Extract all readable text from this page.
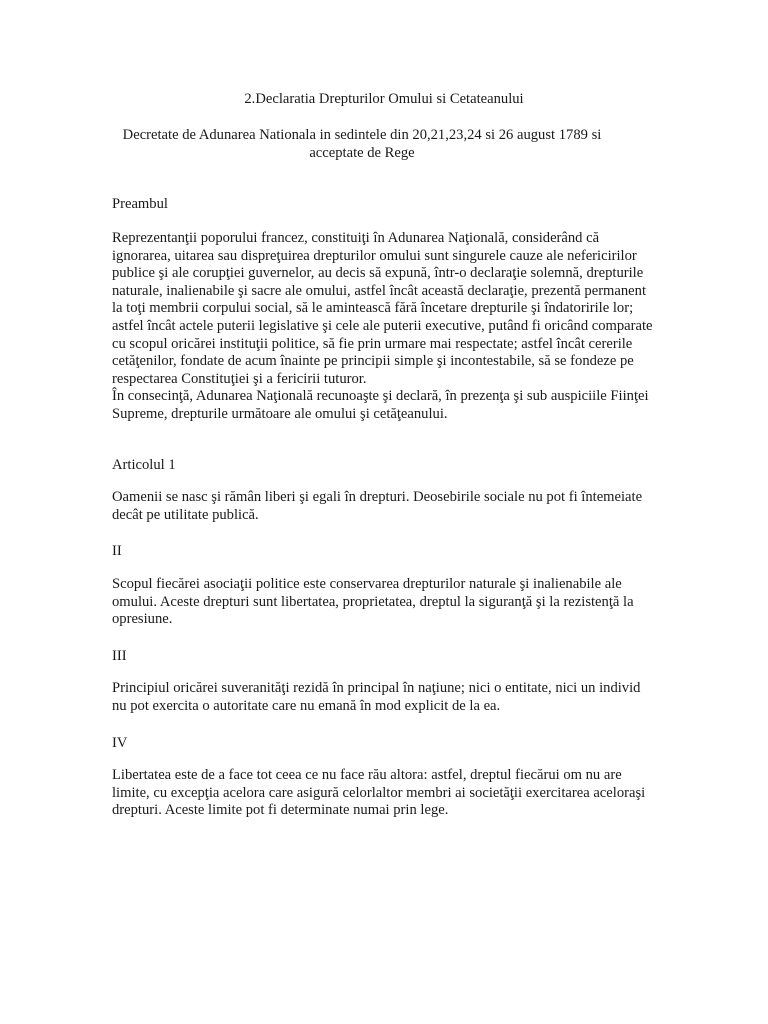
2.Declaratia Drepturilor Omului si Cetateanului
Decretate de Adunarea Nationala in sedintele din 20,21,23,24 si 26 august 1789 si
acceptate de Rege
Preambul

Reprezentanţii poporului francez, constituiţi în Adunarea Naţională, considerând că ignorarea, uitarea sau dispreţuirea drepturilor omului sunt singurele cauze ale nefericirilor publice şi ale corupţiei guvernelor, au decis să expună, într-o declaraţie solemnă, drepturile naturale, inalienabile şi sacre ale omului, astfel încât această declaraţie, prezentă permanent la toţi membrii corpului social, să le amintească fără încetare drepturile şi îndatoririle lor; astfel încât actele puterii legislative şi cele ale puterii executive, putând fi oricând comparate cu scopul oricărei instituţii politice, să fie prin urmare mai respectate; astfel încât cererile cetăţenilor, fondate de acum înainte pe principii simple şi incontestabile, să se fondeze pe respectarea Constituţiei şi a fericirii tuturor.

În consecinţă, Adunarea Naţională recunoaşte şi declară, în prezenţa şi sub auspiciile Fiinţei Supreme, drepturile următoare ale omului şi cetăţeanului.

Articolul 1
Oamenii se nasc şi rămân liberi şi egali în drepturi. Deosebirile sociale nu pot fi întemeiate decât pe utilitate publică.
II
Scopul fiecărei asociaţii politice este conservarea drepturilor naturale şi inalienabile ale omului. Aceste drepturi sunt libertatea, proprietatea, dreptul la siguranţă şi la rezistenţă la opresiune.
III
Principiul oricărei suveranităţi rezidă în principal în naţiune; nici o entitate, nici un individ nu pot exercita o autoritate care nu emană în mod explicit de la ea.
IV
Libertatea este de a face tot ceea ce nu face rău altora: astfel, dreptul fiecărui om nu are limite, cu excepţia acelora care asigură celorlaltor membri ai societăţii exercitarea aceloraşi drepturi. Aceste limite pot fi determinate numai prin lege.
